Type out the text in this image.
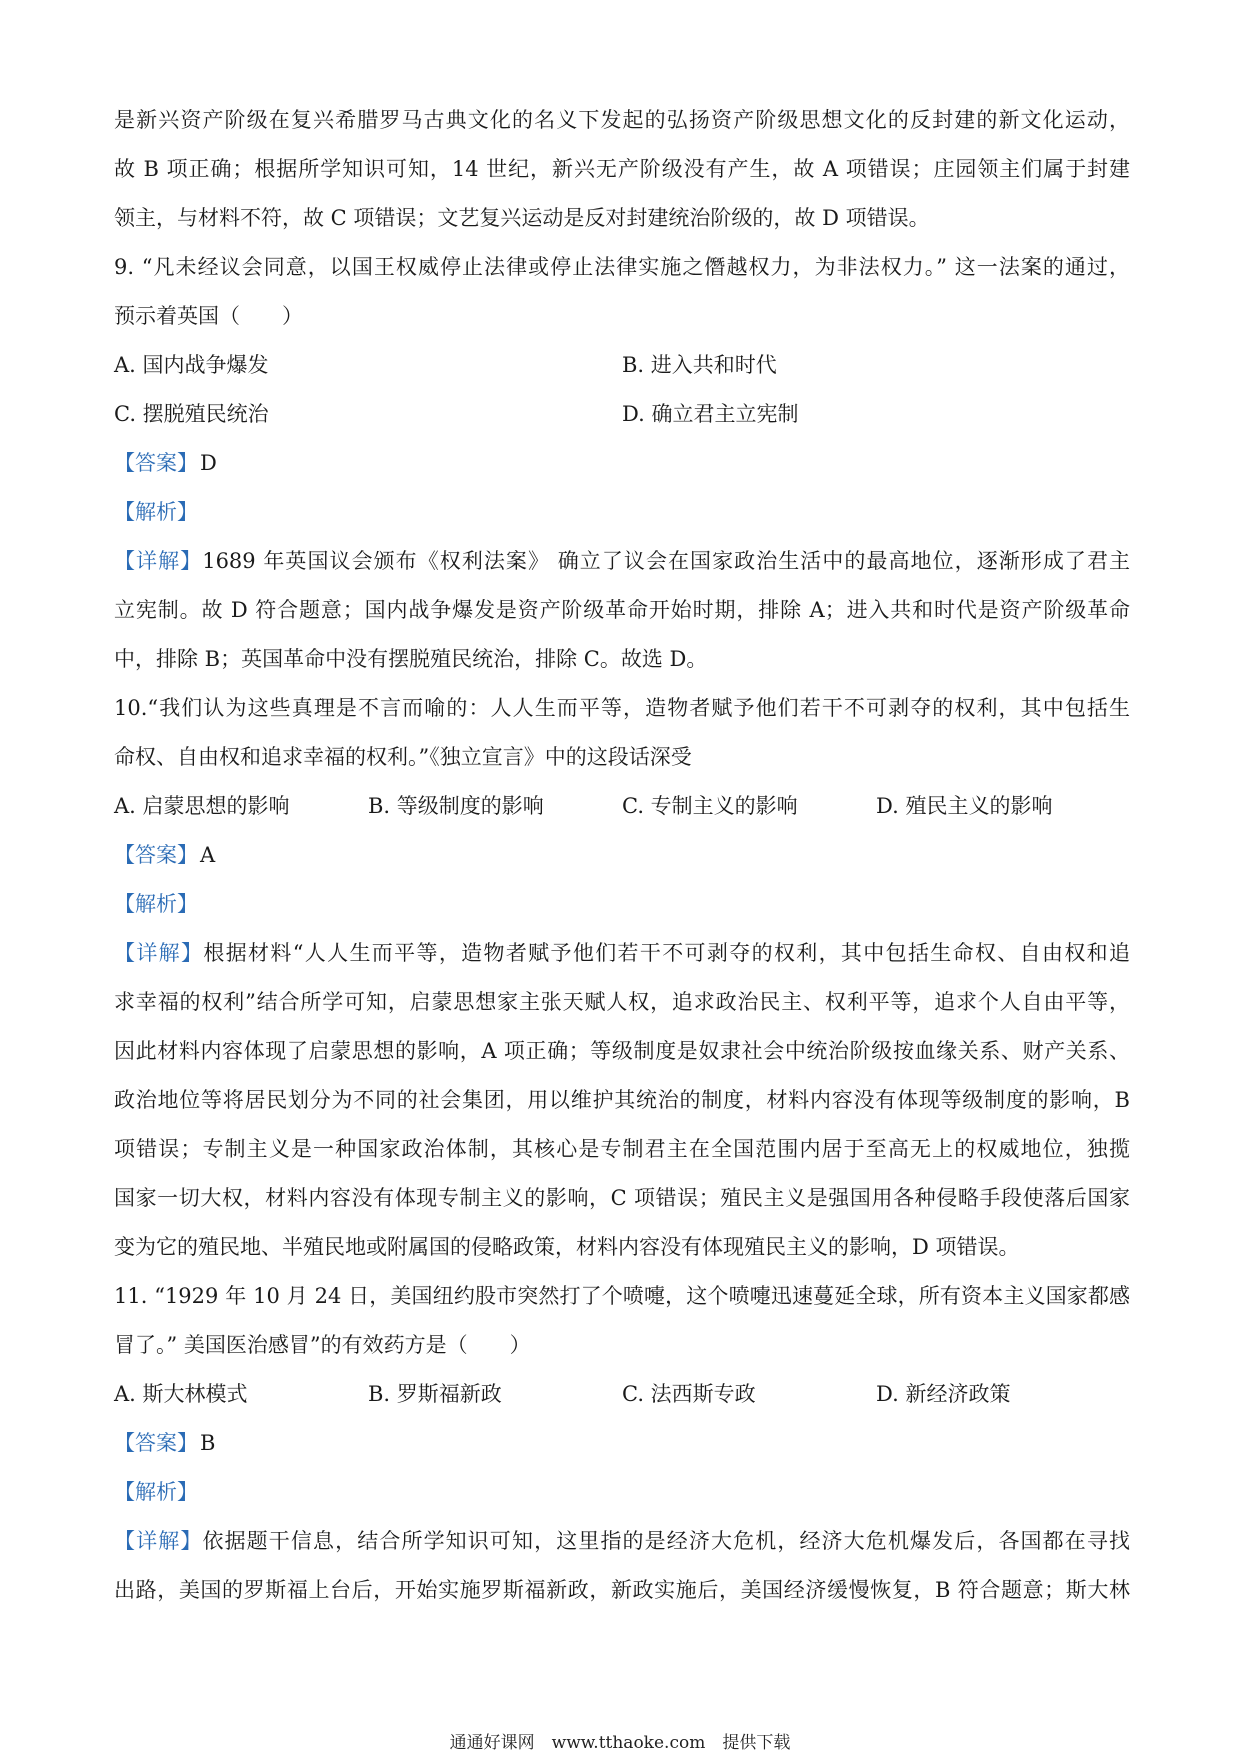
是新兴资产阶级在复兴希腊罗马古典文化的名义下发起的弘扬资产阶级思想文化的反封建的新文化运动，
故 B 项正确；根据所学知识可知，14 世纪，新兴无产阶级没有产生，故 A 项错误；庄园领主们属于封建
领主，与材料不符，故 C 项错误；文艺复兴运动是反对封建统治阶级的，故 D 项错误。
9. “凡未经议会同意，以国王权威停止法律或停止法律实施之僭越权力，为非法权力。” 这一法案的通过，
预示着英国（　　）
A. 国内战争爆发	B. 进入共和时代
C. 摆脱殖民统治	D. 确立君主立宪制
【答案】D
【解析】
【详解】1689 年英国议会颁布《权利法案》 确立了议会在国家政治生活中的最高地位，逐渐形成了君主
立宪制。故 D 符合题意；国内战争爆发是资产阶级革命开始时期，排除 A；进入共和时代是资产阶级革命
中，排除 B；英国革命中没有摆脱殖民统治，排除 C。故选 D。
10.“我们认为这些真理是不言而喻的：人人生而平等，造物者赋予他们若干不可剥夺的权利，其中包括生
命权、自由权和追求幸福的权利。”《独立宣言》中的这段话深受
A. 启蒙思想的影响	B. 等级制度的影响	C. 专制主义的影响	D. 殖民主义的影响
【答案】A
【解析】
【详解】根据材料“人人生而平等，造物者赋予他们若干不可剥夺的权利，其中包括生命权、自由权和追
求幸福的权利”结合所学可知，启蒙思想家主张天赋人权，追求政治民主、权利平等，追求个人自由平等，
因此材料内容体现了启蒙思想的影响，A 项正确；等级制度是奴隶社会中统治阶级按血缘关系、财产关系、
政治地位等将居民划分为不同的社会集团，用以维护其统治的制度，材料内容没有体现等级制度的影响，B
项错误；专制主义是一种国家政治体制，其核心是专制君主在全国范围内居于至高无上的权威地位，独揽
国家一切大权，材料内容没有体现专制主义的影响，C 项错误；殖民主义是强国用各种侵略手段使落后国家
变为它的殖民地、半殖民地或附属国的侵略政策，材料内容没有体现殖民主义的影响，D 项错误。
11. “1929 年 10 月 24 日，美国纽约股市突然打了个喷嚏，这个喷嚏迅速蔓延全球，所有资本主义国家都感
冒了。” 美国医治感冒”的有效药方是（　　）
A. 斯大林模式	B. 罗斯福新政	C. 法西斯专政	D. 新经济政策
【答案】B
【解析】
【详解】依据题干信息，结合所学知识可知，这里指的是经济大危机，经济大危机爆发后，各国都在寻找
出路，美国的罗斯福上台后，开始实施罗斯福新政，新政实施后，美国经济缓慢恢复，B 符合题意；斯大林
通通好课网　www.tthaoke.com　提供下载
